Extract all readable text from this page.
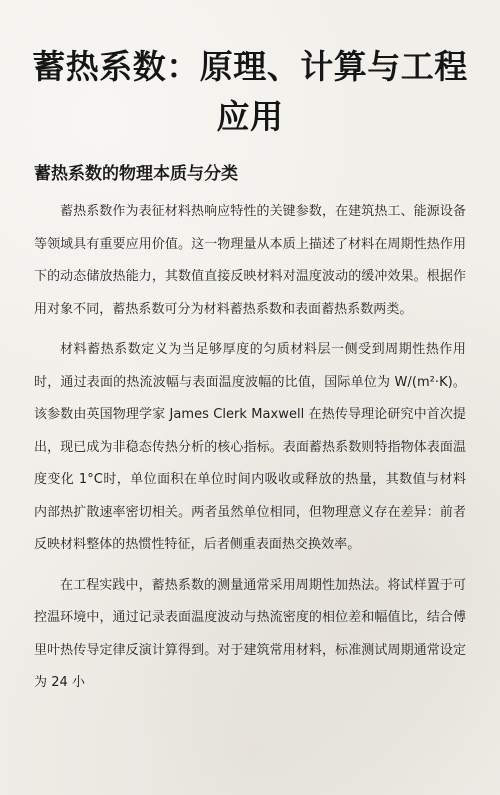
蓄热系数：原理、计算与工程应用
蓄热系数的物理本质与分类

蓄热系数作为表征材料热响应特性的关键参数，在建筑热工、能源设备等领域具有重要应用价值。这一物理量从本质上描述了材料在周期性热作用下的动态储放热能力，其数值直接反映材料对温度波动的缓冲效果。根据作用对象不同，蓄热系数可分为材料蓄热系数和表面蓄热系数两类。

材料蓄热系数定义为当足够厚度的匀质材料层一侧受到周期性热作用时，通过表面的热流波幅与表面温度波幅的比值，国际单位为 W/(m²·K)。该参数由英国物理学家 James Clerk Maxwell 在热传导理论研究中首次提出，现已成为非稳态传热分析的核心指标。表面蓄热系数则特指物体表面温度变化 1°C时，单位面积在单位时间内吸收或释放的热量，其数值与材料内部热扩散速率密切相关。两者虽然单位相同，但物理意义存在差异：前者反映材料整体的热惯性特征，后者侧重表面热交换效率。

在工程实践中，蓄热系数的测量通常采用周期性加热法。将试样置于可控温环境中，通过记录表面温度波动与热流密度的相位差和幅值比，结合傅里叶热传导定律反演计算得到。对于建筑常用材料，标准测试周期通常设定为 24 小
